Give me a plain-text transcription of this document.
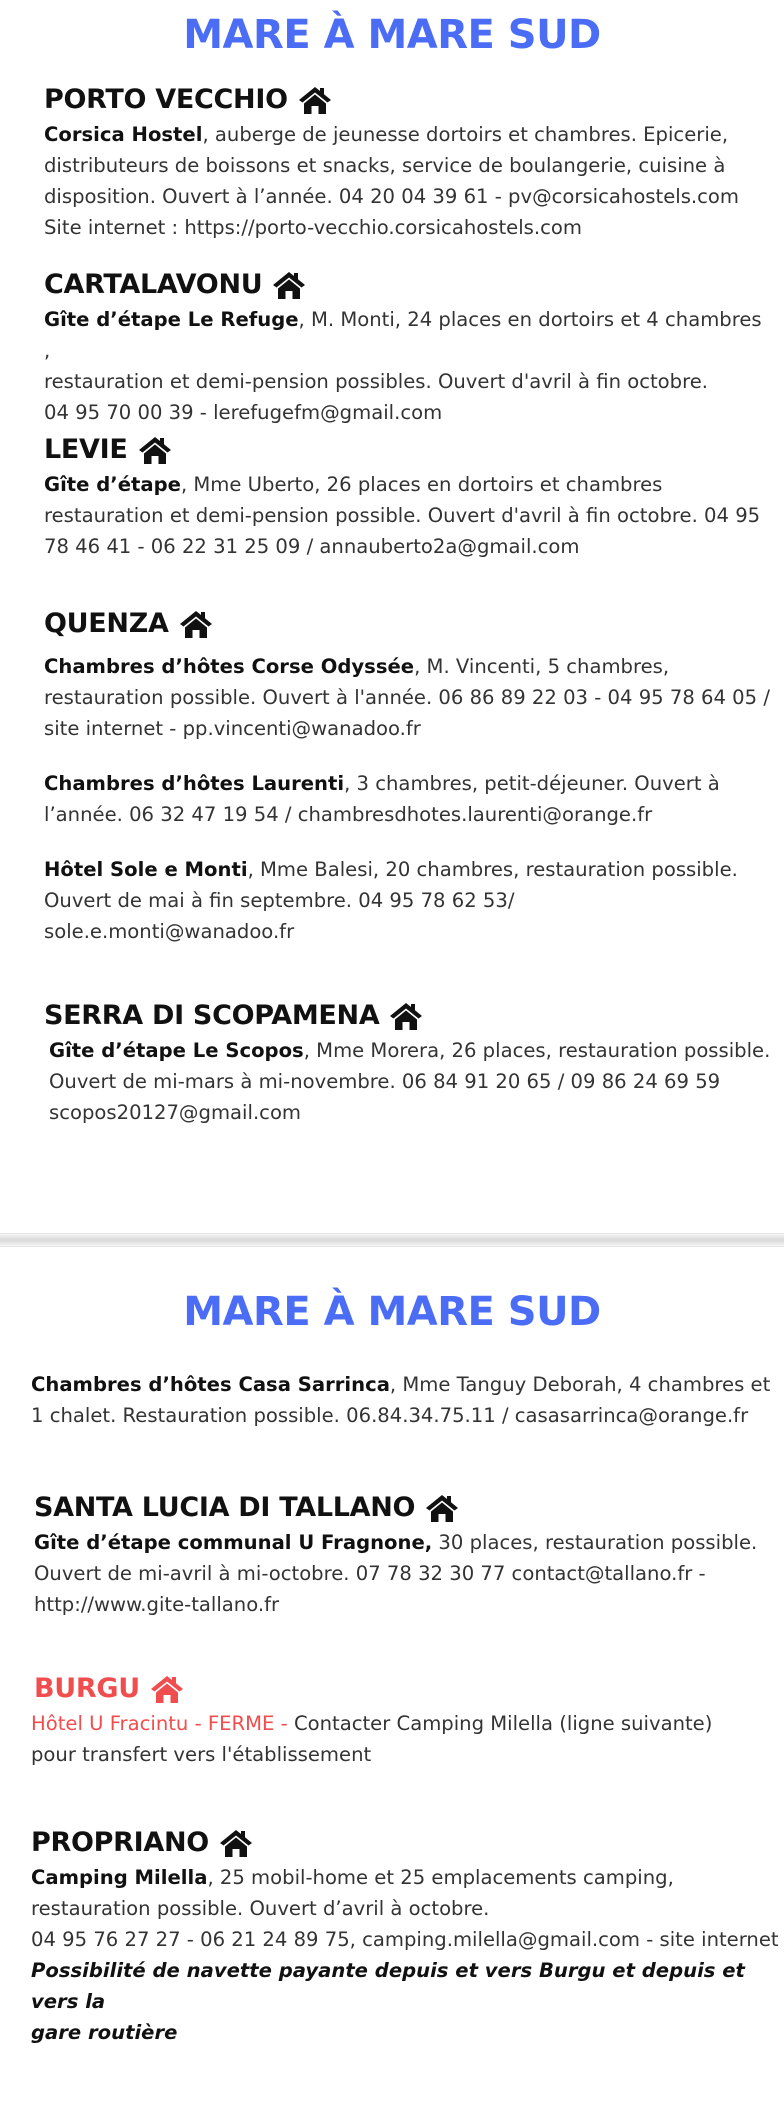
MARE À MARE SUD
PORTO VECCHIO

Corsica Hostel, auberge de jeunesse dortoirs et chambres. Epicerie,
distributeurs de boissons et snacks, service de boulangerie, cuisine à
disposition. Ouvert à l’année. 04 20 04 39 61 - pv@corsicahostels.com
Site internet : https://porto-vecchio.corsicahostels.com

CARTALAVONU

Gîte d’étape Le Refuge, M. Monti, 24 places en dortoirs et 4 chambres ,
restauration et demi-pension possibles. Ouvert d'avril à fin octobre.
04 95 70 00 39 - lerefugefm@gmail.com

LEVIE

Gîte d’étape, Mme Uberto, 26 places en dortoirs et chambres
restauration et demi-pension possible. Ouvert d'avril à fin octobre. 04 95
78 46 41 - 06 22 31 25 09 / annauberto2a@gmail.com

QUENZA

Chambres d’hôtes Corse Odyssée, M. Vincenti, 5 chambres,
restauration possible. Ouvert à l'année. 06 86 89 22 03 - 04 95 78 64 05 /
site internet - pp.vincenti@wanadoo.fr

Chambres d’hôtes Laurenti, 3 chambres, petit-déjeuner. Ouvert à
l’année. 06 32 47 19 54 / chambresdhotes.laurenti@orange.fr

Hôtel Sole e Monti, Mme Balesi, 20 chambres, restauration possible.
Ouvert de mai à fin septembre. 04 95 78 62 53/
sole.e.monti@wanadoo.fr

SERRA DI SCOPAMENA

Gîte d’étape Le Scopos, Mme Morera, 26 places, restauration possible.
Ouvert de mi-mars à mi-novembre. 06 84 91 20 65 / 09 86 24 69 59
scopos20127@gmail.com

MARE À MARE SUD

Chambres d’hôtes Casa Sarrinca, Mme Tanguy Deborah, 4 chambres et
1 chalet. Restauration possible. 06.84.34.75.11 / casasarrinca@orange.fr

SANTA LUCIA DI TALLANO

Gîte d’étape communal U Fragnone, 30 places, restauration possible.
Ouvert de mi-avril à mi-octobre. 07 78 32 30 77 contact@tallano.fr -
http://www.gite-tallano.fr

BURGU

Hôtel U Fracintu - FERME - Contacter Camping Milella (ligne suivante)
pour transfert vers l'établissement

PROPRIANO

Camping Milella, 25 mobil-home et 25 emplacements camping,
restauration possible. Ouvert d’avril à octobre.
04 95 76 27 27 - 06 21 24 89 75, camping.milella@gmail.com - site internet

Possibilité de navette payante depuis et vers Burgu et depuis et vers la
gare routière
